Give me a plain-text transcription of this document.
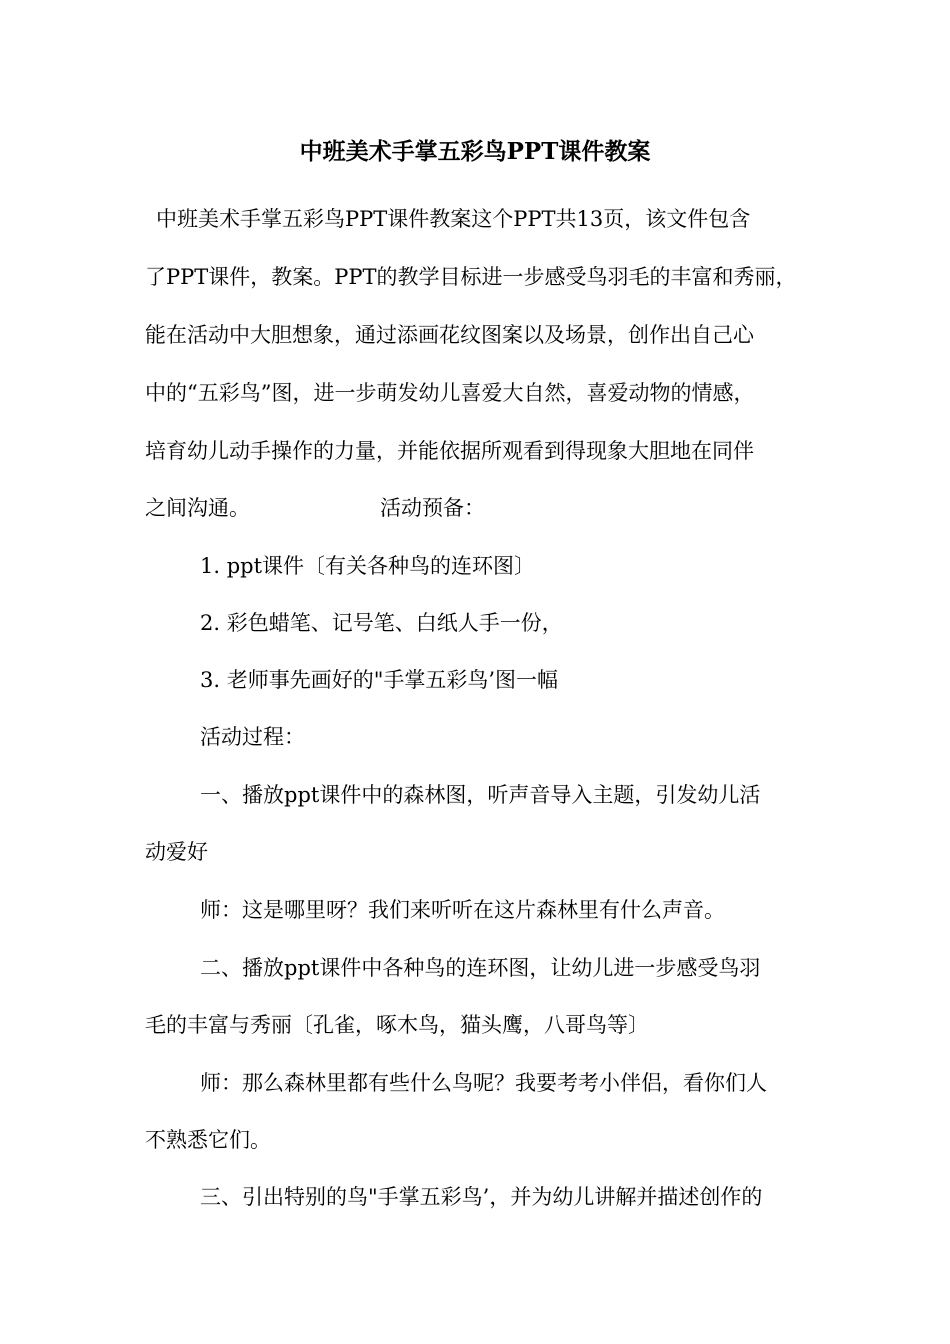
中班美术手掌五彩鸟PPT课件教案
中班美术手掌五彩鸟PPT课件教案这个PPT共13页，该文件包含
了PPT课件，教案。PPT的教学目标进一步感受鸟羽毛的丰富和秀丽，
能在活动中大胆想象，通过添画花纹图案以及场景，创作出自己心
中的“五彩鸟”图，进一步萌发幼儿喜爱大自然，喜爱动物的情感，
培育幼儿动手操作的力量，并能依据所观看到得现象大胆地在同伴
之间沟通。	活动预备：
1. ppt课件〔有关各种鸟的连环图〕
2. 彩色蜡笔、记号笔、白纸人手一份，
3. 老师事先画好的"手掌五彩鸟’图一幅
活动过程：
一、播放ppt课件中的森林图，听声音导入主题，引发幼儿活
动爱好
师：这是哪里呀？我们来听听在这片森林里有什么声音。
二、播放ppt课件中各种鸟的连环图，让幼儿进一步感受鸟羽
毛的丰富与秀丽〔孔雀，啄木鸟，猫头鹰，八哥鸟等〕
师：那么森林里都有些什么鸟呢？我要考考小伴侣，看你们人
不熟悉它们。
三、引出特别的鸟"手掌五彩鸟’，并为幼儿讲解并描述创作的
